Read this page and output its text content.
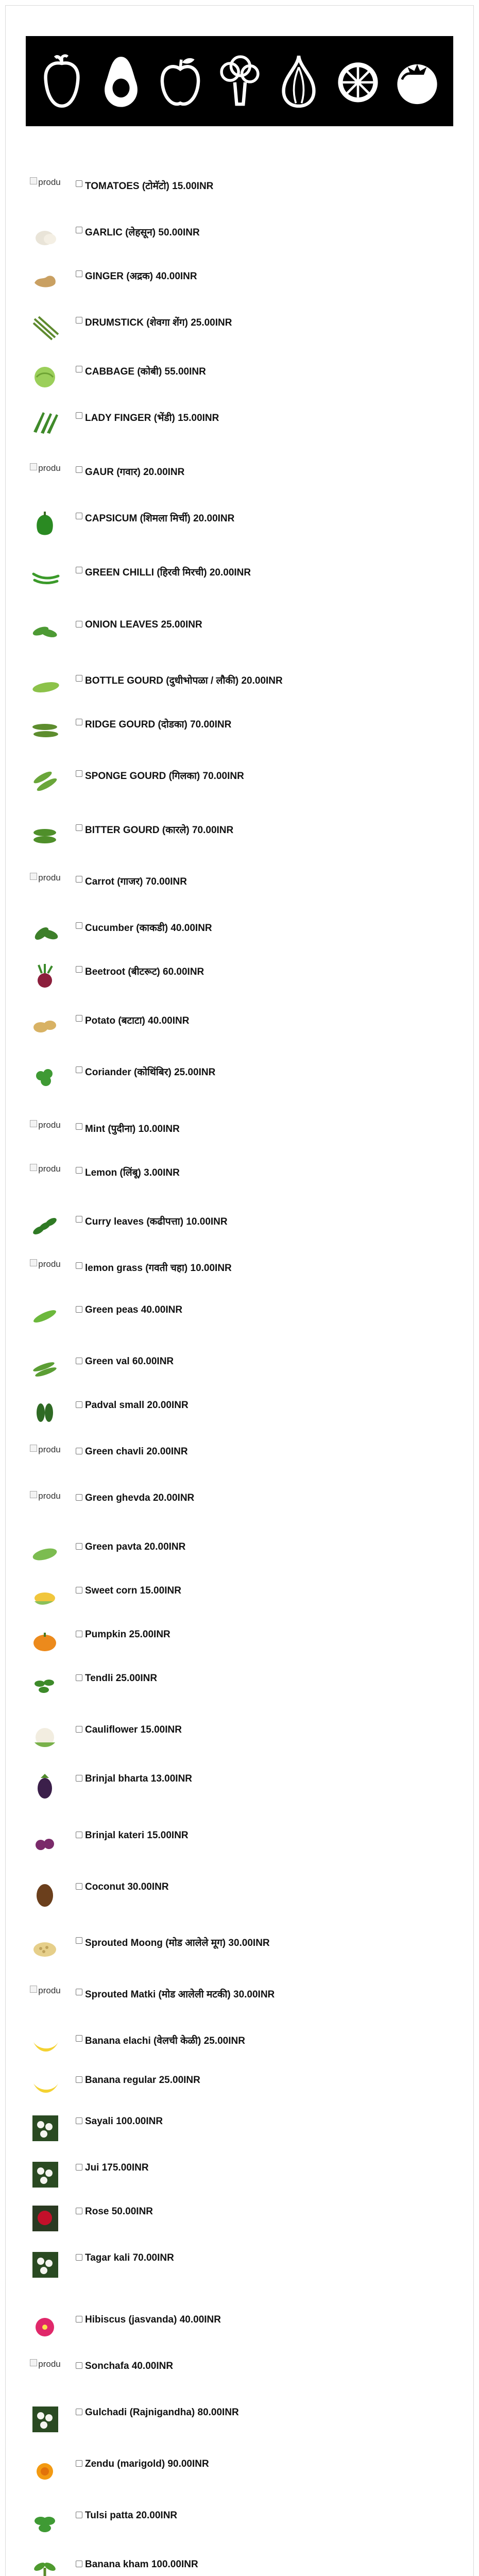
produ TOMATOES (टोमॅटो) 15.00INR
GARLIC (लेहसून) 50.00INR
GINGER (अद्रक) 40.00INR
DRUMSTICK (शेवगा शेंग) 25.00INR
CABBAGE (कोबी) 55.00INR
LADY FINGER (भेंडी) 15.00INR
produ GAUR (गवार) 20.00INR
CAPSICUM (शिमला मिर्ची) 20.00INR
GREEN CHILLI (हिरवी मिरची) 20.00INR
ONION LEAVES 25.00INR
BOTTLE GOURD (दुधीभोपळा / लौकी) 20.00INR
RIDGE GOURD (दोडका) 70.00INR
SPONGE GOURD (गिलका) 70.00INR
BITTER GOURD (कारले) 70.00INR
produ Carrot (गाजर) 70.00INR
Cucumber (काकडी) 40.00INR
Beetroot (बीटरूट) 60.00INR
Potato (बटाटा) 40.00INR
Coriander (कोथिंबिर) 25.00INR
produ Mint (पुदीना) 10.00INR
produ Lemon (लिंबू) 3.00INR
Curry leaves (कढीपत्ता) 10.00INR
produ lemon grass (गवती चहा) 10.00INR
Green peas 40.00INR
Green val 60.00INR
Padval small 20.00INR
produ Green chavli 20.00INR
produ Green ghevda 20.00INR
Green pavta 20.00INR
Sweet corn 15.00INR
Pumpkin 25.00INR
Tendli 25.00INR
Cauliflower 15.00INR
Brinjal bharta 13.00INR
Brinjal kateri 15.00INR
Coconut 30.00INR
Sprouted Moong (मोड आलेले मूग) 30.00INR
produ Sprouted Matki (मोड आलेली मटकी) 30.00INR
Banana elachi (वेलची केळी) 25.00INR
Banana regular 25.00INR
Sayali 100.00INR
Jui 175.00INR
Rose 50.00INR
Tagar kali 70.00INR
Hibiscus (jasvanda) 40.00INR
produ Sonchafa 40.00INR
Gulchadi (Rajnigandha) 80.00INR
Zendu (marigold) 90.00INR
Tulsi patta 20.00INR
Banana kham 100.00INR
